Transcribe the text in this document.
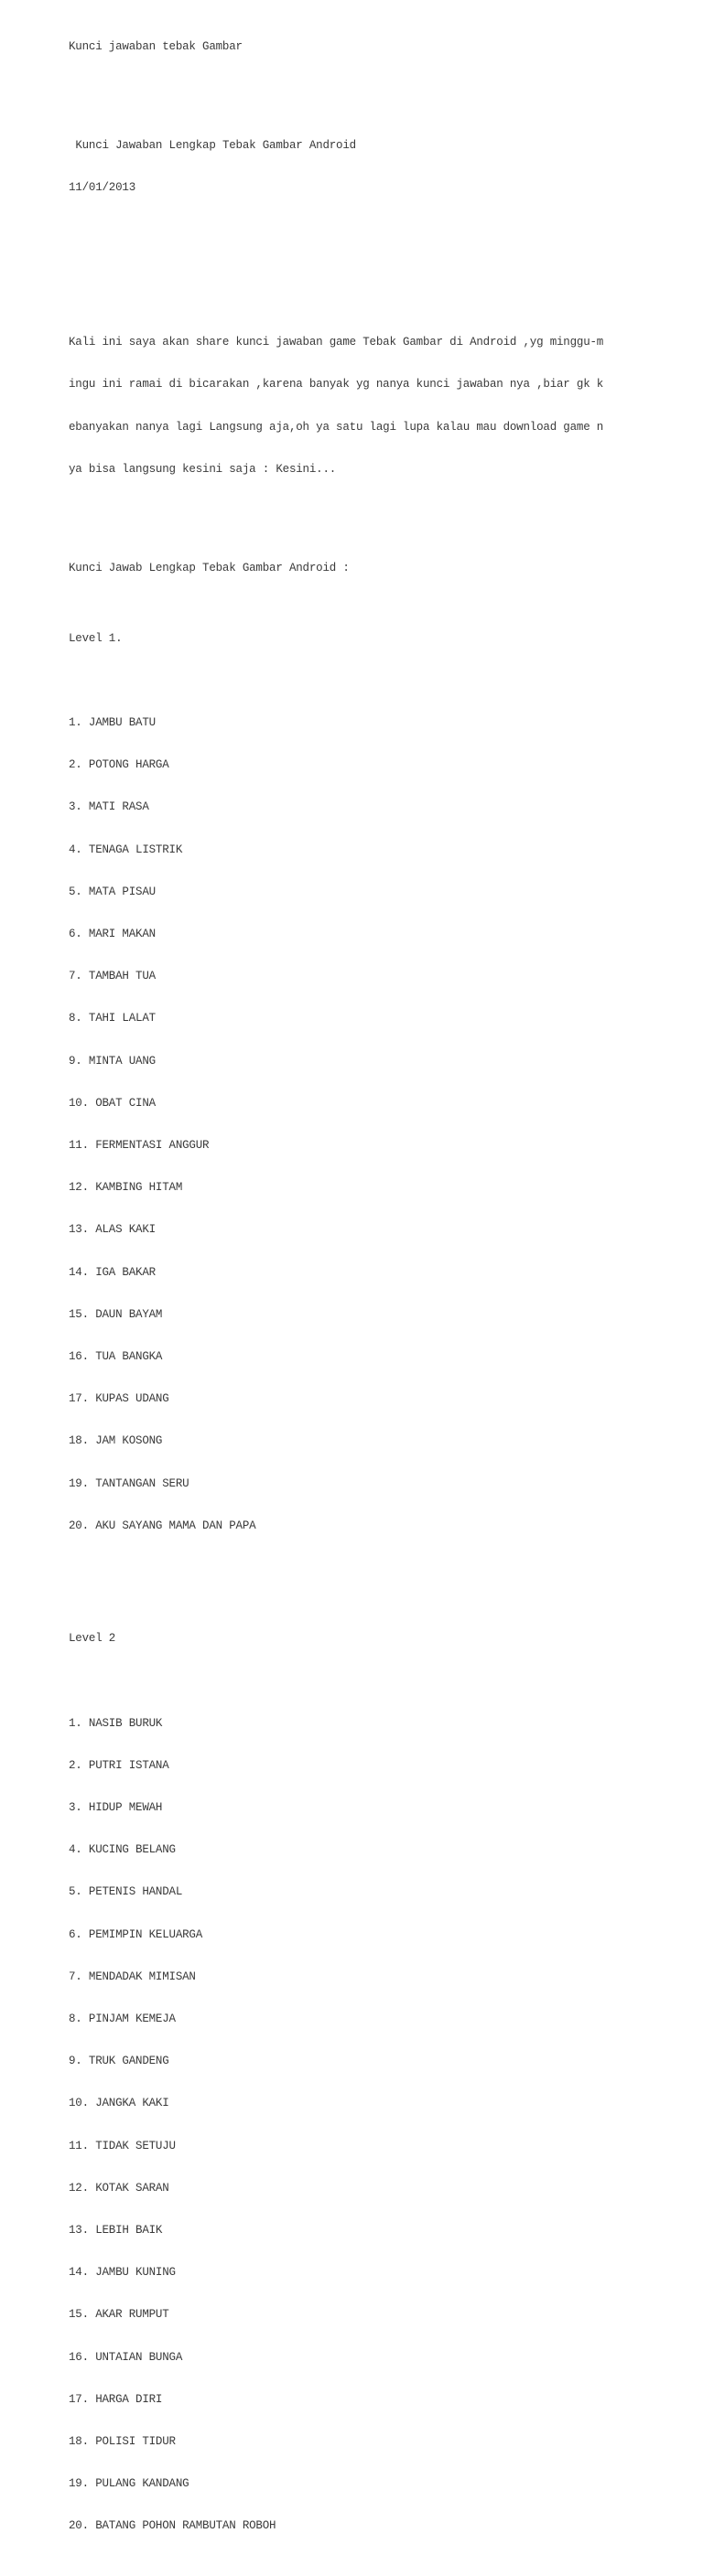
Kunci jawaban tebak Gambar

Kunci Jawaban Lengkap Tebak Gambar Android

11/01/2013

Kali ini saya akan share kunci jawaban game Tebak Gambar di Android ,yg minggu-m

ingu ini ramai di bicarakan ,karena banyak yg nanya kunci jawaban nya ,biar gk k

ebanyakan nanya lagi Langsung aja,oh ya satu lagi lupa kalau mau download game n

ya bisa langsung kesini saja : Kesini...

Kunci Jawab Lengkap Tebak Gambar Android :

Level 1.

1. JAMBU BATU

2. POTONG HARGA

3. MATI RASA

4. TENAGA LISTRIK

5. MATA PISAU

6. MARI MAKAN

7. TAMBAH TUA

8. TAHI LALAT

9. MINTA UANG

10. OBAT CINA

11. FERMENTASI ANGGUR

12. KAMBING HITAM

13. ALAS KAKI

14. IGA BAKAR

15. DAUN BAYAM

16. TUA BANGKA

17. KUPAS UDANG

18. JAM KOSONG

19. TANTANGAN SERU

20. AKU SAYANG MAMA DAN PAPA

Level 2

1. NASIB BURUK

2. PUTRI ISTANA

3. HIDUP MEWAH

4. KUCING BELANG

5. PETENIS HANDAL

6. PEMIMPIN KELUARGA

7. MENDADAK MIMISAN

8. PINJAM KEMEJA

9. TRUK GANDENG

10. JANGKA KAKI

11. TIDAK SETUJU

12. KOTAK SARAN

13. LEBIH BAIK

14. JAMBU KUNING

15. AKAR RUMPUT

16. UNTAIAN BUNGA

17. HARGA DIRI

18. POLISI TIDUR

19. PULANG KANDANG

20. BATANG POHON RAMBUTAN ROBOH
